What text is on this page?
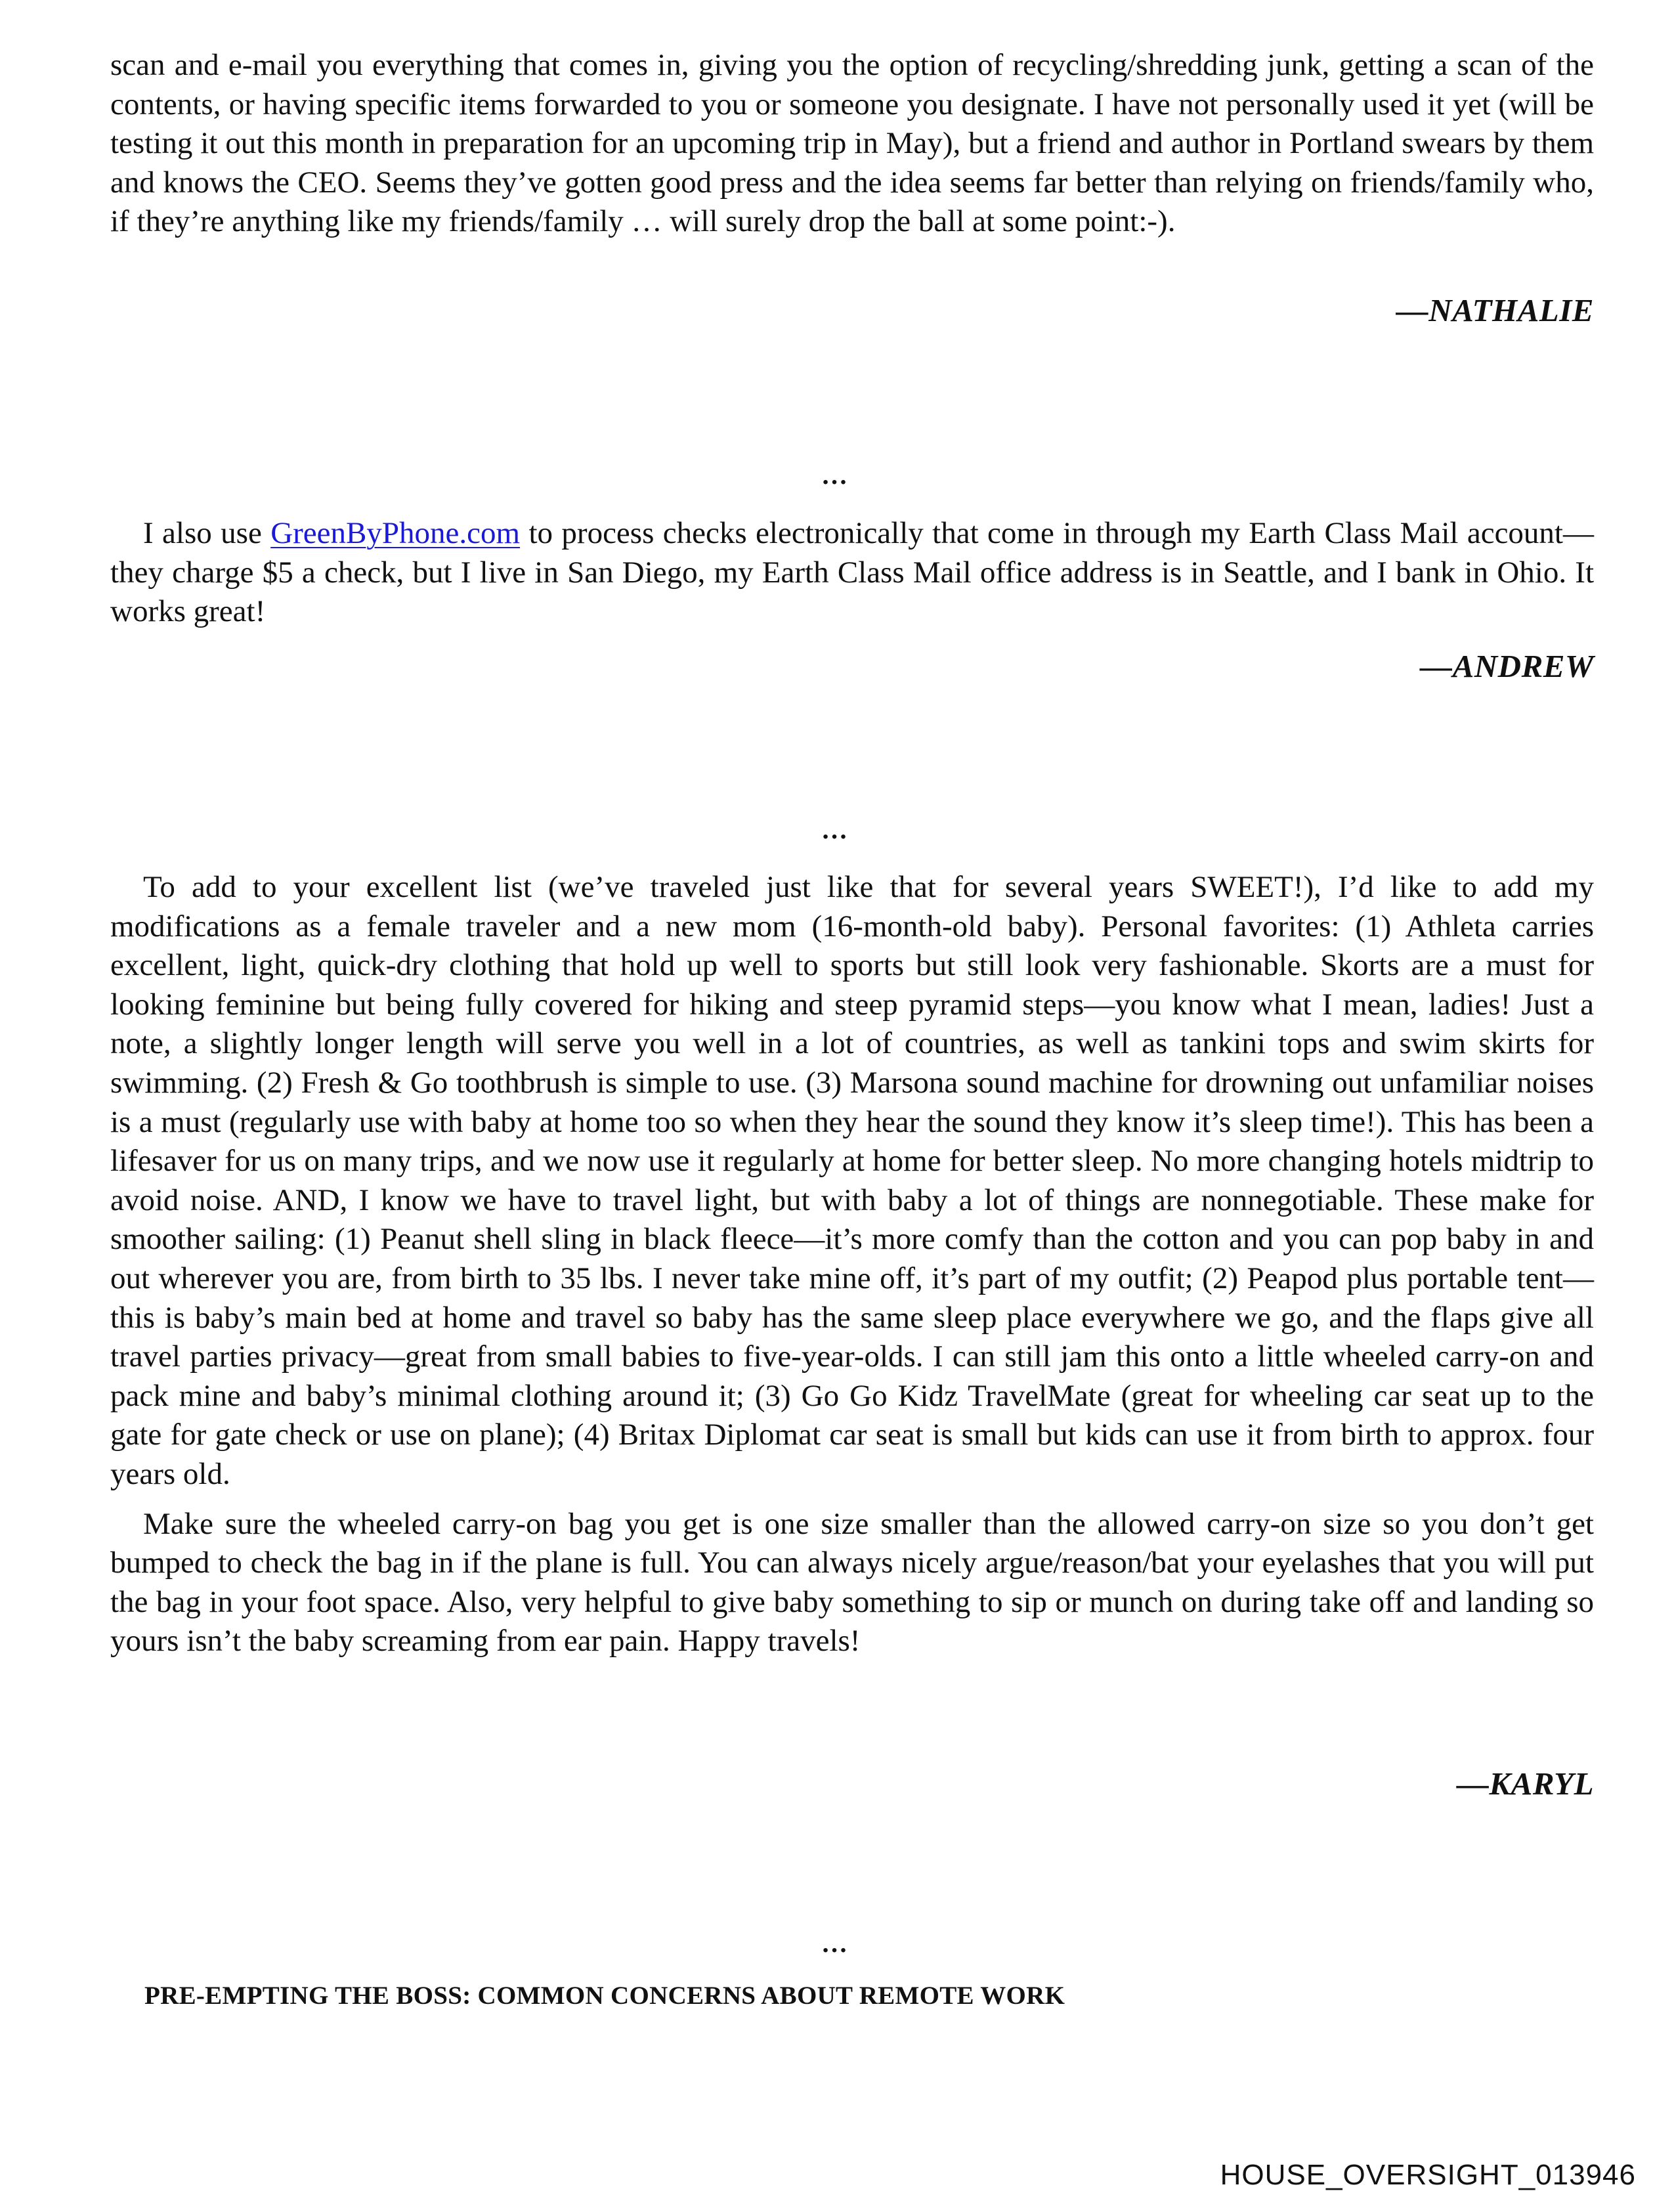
scan and e-mail you everything that comes in, giving you the option of recycling/shredding junk, getting a scan of the contents, or having specific items forwarded to you or someone you designate. I have not personally used it yet (will be testing it out this month in preparation for an upcoming trip in May), but a friend and author in Portland swears by them and knows the CEO. Seems they’ve gotten good press and the idea seems far better than relying on friends/family who, if they’re anything like my friends/family … will surely drop the ball at some point:-).

—NATHALIE
…

I also use GreenByPhone.com to process checks electronically that come in through my Earth Class Mail account—they charge $5 a check, but I live in San Diego, my Earth Class Mail office address is in Seattle, and I bank in Ohio. It works great!

—ANDREW
…

To add to your excellent list (we’ve traveled just like that for several years SWEET!), I’d like to add my modifications as a female traveler and a new mom (16-month-old baby). Personal favorites: (1) Athleta carries excellent, light, quick-dry clothing that hold up well to sports but still look very fashionable. Skorts are a must for looking feminine but being fully covered for hiking and steep pyramid steps—you know what I mean, ladies! Just a note, a slightly longer length will serve you well in a lot of countries, as well as tankini tops and swim skirts for swimming. (2) Fresh & Go toothbrush is simple to use. (3) Marsona sound machine for drowning out unfamiliar noises is a must (regularly use with baby at home too so when they hear the sound they know it’s sleep time!). This has been a lifesaver for us on many trips, and we now use it regularly at home for better sleep. No more changing hotels midtrip to avoid noise. AND, I know we have to travel light, but with baby a lot of things are nonnegotiable. These make for smoother sailing: (1) Peanut shell sling in black fleece—it’s more comfy than the cotton and you can pop baby in and out wherever you are, from birth to 35 lbs. I never take mine off, it’s part of my outfit; (2) Peapod plus portable tent—this is baby’s main bed at home and travel so baby has the same sleep place everywhere we go, and the flaps give all travel parties privacy—great from small babies to five-year-olds. I can still jam this onto a little wheeled carry-on and pack mine and baby’s minimal clothing around it; (3) Go Go Kidz TravelMate (great for wheeling car seat up to the gate for gate check or use on plane); (4) Britax Diplomat car seat is small but kids can use it from birth to approx. four years old.

Make sure the wheeled carry-on bag you get is one size smaller than the allowed carry-on size so you don’t get bumped to check the bag in if the plane is full. You can always nicely argue/reason/bat your eyelashes that you will put the bag in your foot space. Also, very helpful to give baby something to sip or munch on during take off and landing so yours isn’t the baby screaming from ear pain. Happy travels!

—KARYL
…
PRE-EMPTING THE BOSS: COMMON CONCERNS ABOUT REMOTE WORK
HOUSE_OVERSIGHT_013946
